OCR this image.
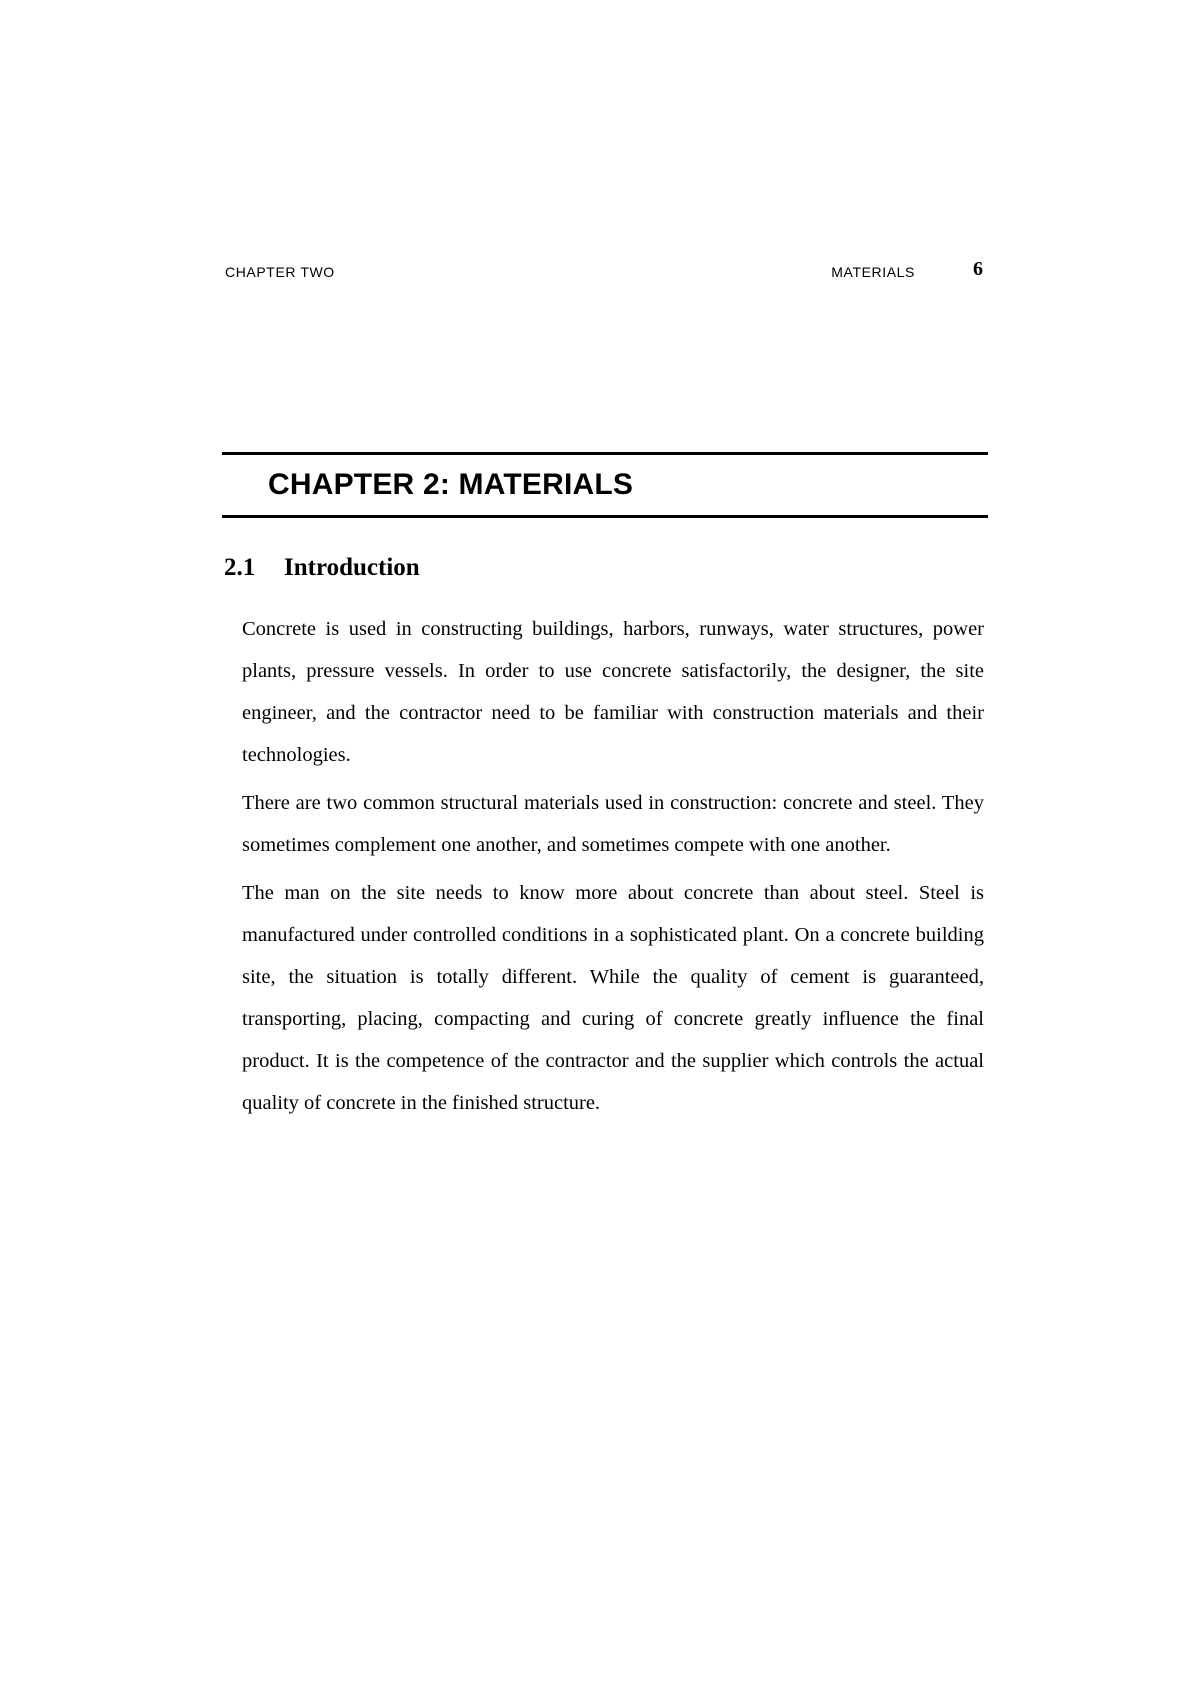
CHAPTER TWO	MATERIALS	6
CHAPTER 2: MATERIALS
2.1 Introduction

Concrete is used in constructing buildings, harbors, runways, water structures, power plants, pressure vessels. In order to use concrete satisfactorily, the designer, the site engineer, and the contractor need to be familiar with construction materials and their technologies.

There are two common structural materials used in construction: concrete and steel. They sometimes complement one another, and sometimes compete with one another.

The man on the site needs to know more about concrete than about steel. Steel is manufactured under controlled conditions in a sophisticated plant. On a concrete building site, the situation is totally different. While the quality of cement is guaranteed, transporting, placing, compacting and curing of concrete greatly influence the final product. It is the competence of the contractor and the supplier which controls the actual quality of concrete in the finished structure.
